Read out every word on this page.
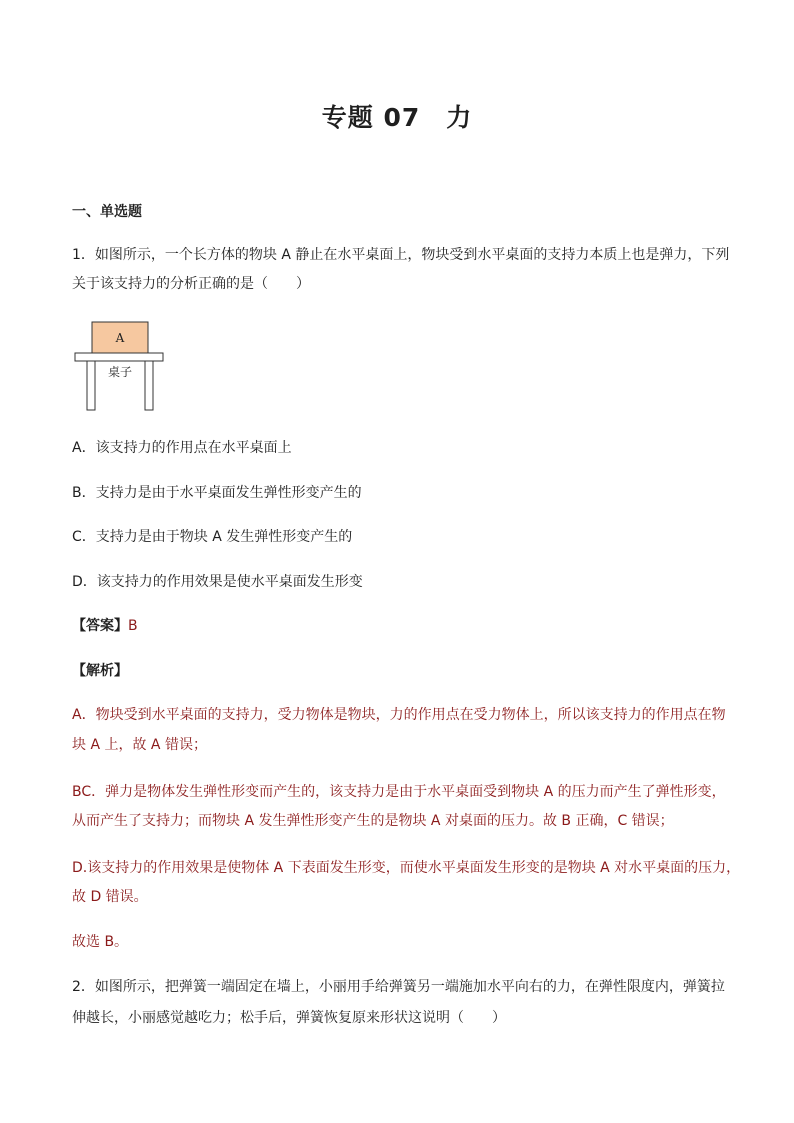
专题 07　力
一、单选题
1．如图所示，一个长方体的物块 A 静止在水平桌面上，物块受到水平桌面的支持力本质上也是弹力，下列
关于该支持力的分析正确的是（　　）
A
桌子
A．该支持力的作用点在水平桌面上
B．支持力是由于水平桌面发生弹性形变产生的
C．支持力是由于物块 A 发生弹性形变产生的
D．该支持力的作用效果是使水平桌面发生形变
【答案】B
【解析】
A．物块受到水平桌面的支持力，受力物体是物块，力的作用点在受力物体上，所以该支持力的作用点在物
块 A 上，故 A 错误；
BC．弹力是物体发生弹性形变而产生的，该支持力是由于水平桌面受到物块 A 的压力而产生了弹性形变，
从而产生了支持力；而物块 A 发生弹性形变产生的是物块 A 对桌面的压力。故 B 正确，C 错误；
D.该支持力的作用效果是使物体 A 下表面发生形变，而使水平桌面发生形变的是物块 A 对水平桌面的压力，
故 D 错误。
故选 B。
2．如图所示，把弹簧一端固定在墙上，小丽用手给弹簧另一端施加水平向右的力，在弹性限度内，弹簧拉
伸越长，小丽感觉越吃力；松手后，弹簧恢复原来形状这说明（　　）
